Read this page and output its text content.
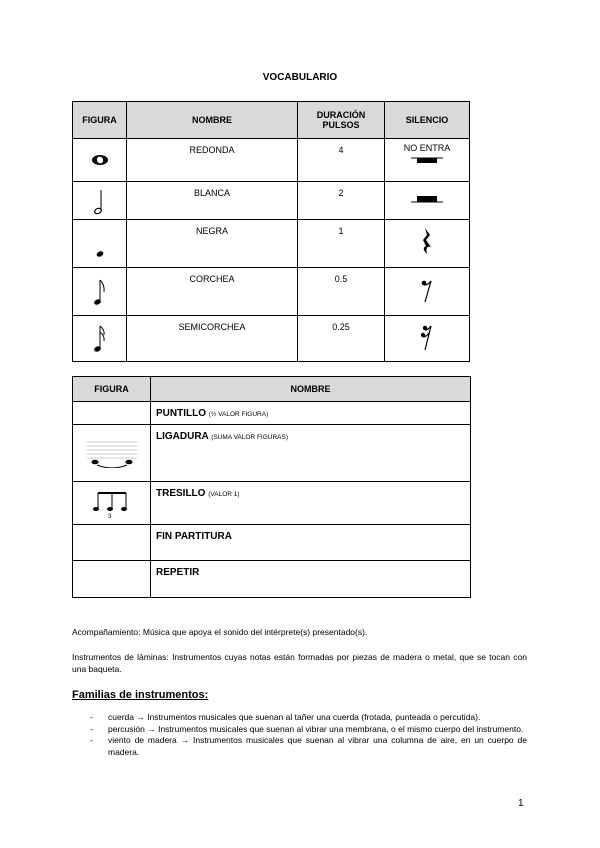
VOCABULARIO
FIGURA	NOMBRE	DURACIÓN PULSOS	SILENCIO

	REDONDA	4	NO ENTRA

	BLANCA	2	

	NEGRA	1	

	CORCHEA	0.5	

	SEMICORCHEA	0.25	
FIGURA	NOMBRE
	PUNTILLO (½ VALOR FIGURA)

	LIGADURA (SUMA VALOR FIGURAS)

3	TRESILLO (VALOR 1)
	FIN PARTITURA
	REPETIR
Acompañamiento: Música que apoya el sonido del intérprete(s) presentado(s).
Instrumentos de láminas: Instrumentos cuyas notas están formadas por piezas de madera o metal, que se tocan con una baqueta.
Familias de instrumentos:
- cuerda → Instrumentos musicales que suenan al tañer una cuerda (frotada, punteada o percutida).
- percusión → Instrumentos musicales que suenan al vibrar una membrana, o el mismo cuerpo del instrumento.
- viento de madera → Instrumentos musicales que suenan al vibrar una columna de aire, en un cuerpo de madera.
1
